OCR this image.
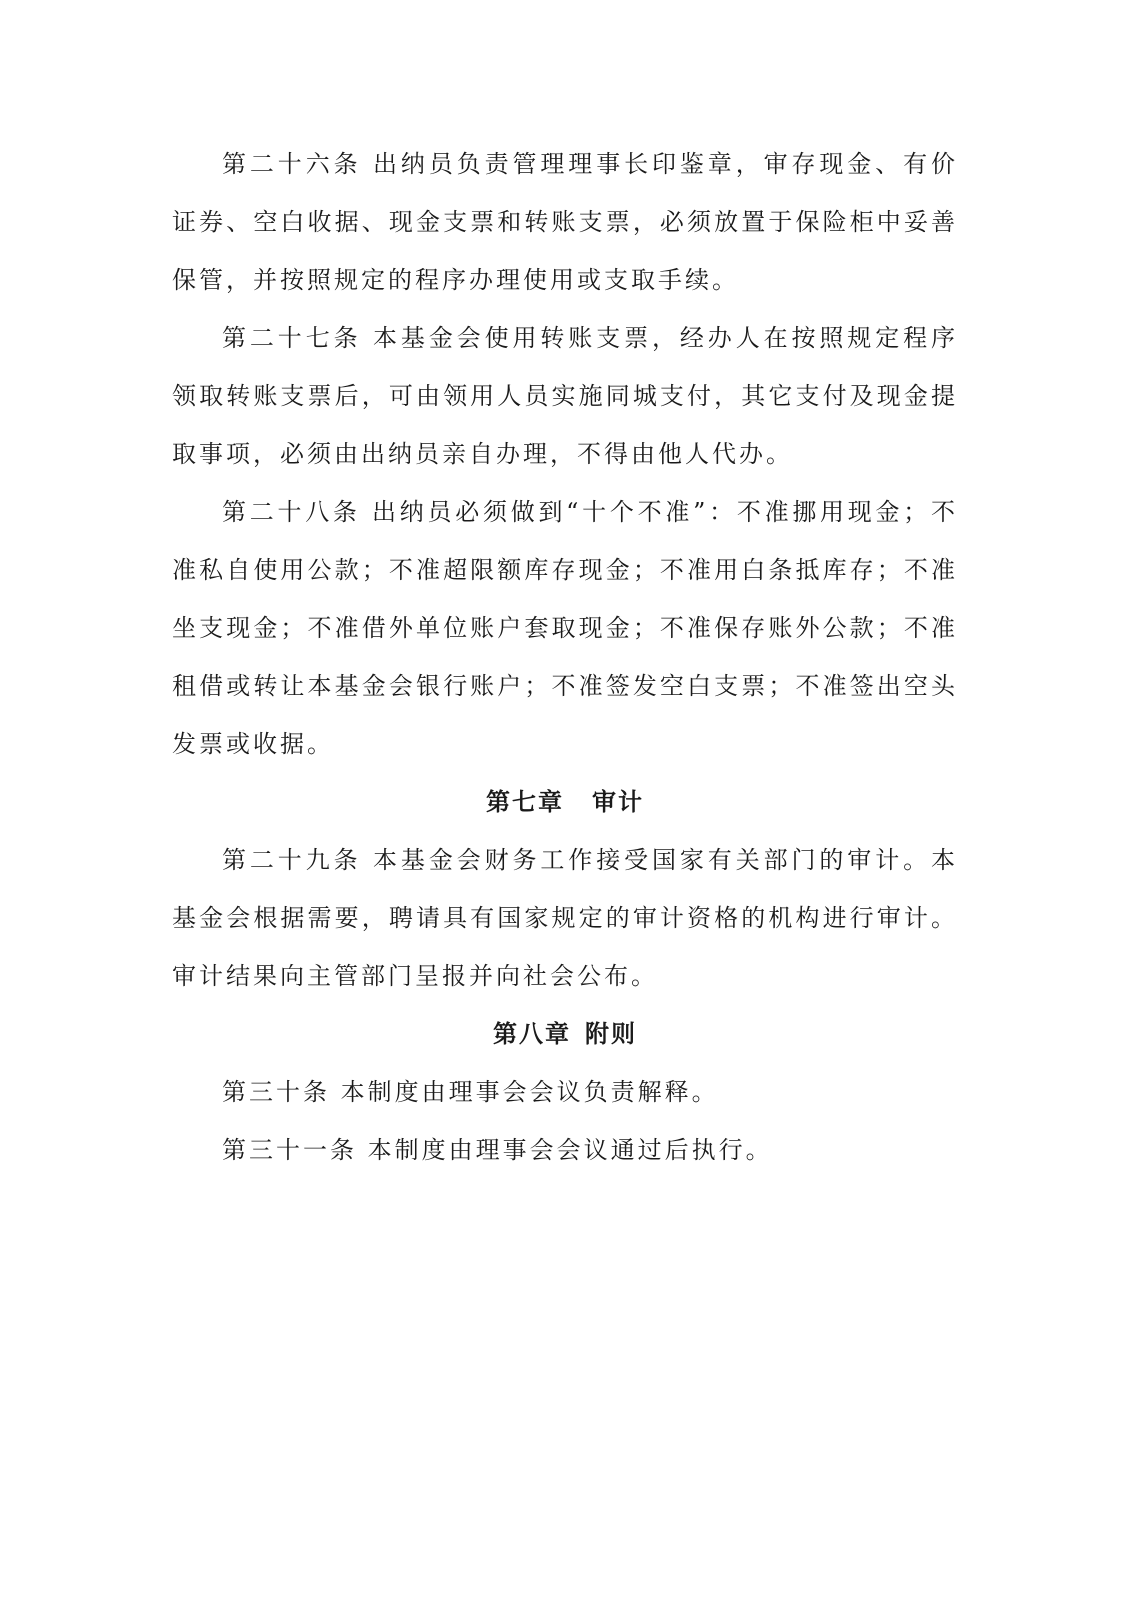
第二十六条 出纳员负责管理理事长印鉴章，审存现金、有价证券、空白收据、现金支票和转账支票，必须放置于保险柜中妥善保管，并按照规定的程序办理使用或支取手续。

第二十七条 本基金会使用转账支票，经办人在按照规定程序领取转账支票后，可由领用人员实施同城支付，其它支付及现金提取事项，必须由出纳员亲自办理，不得由他人代办。

第二十八条 出纳员必须做到“十个不准”：不准挪用现金；不准私自使用公款；不准超限额库存现金；不准用白条抵库存；不准坐支现金；不准借外单位账户套取现金；不准保存账外公款；不准租借或转让本基金会银行账户；不准签发空白支票；不准签出空头发票或收据。

第七章 审计

第二十九条 本基金会财务工作接受国家有关部门的审计。本基金会根据需要，聘请具有国家规定的审计资格的机构进行审计。审计结果向主管部门呈报并向社会公布。

第八章 附则

第三十条 本制度由理事会会议负责解释。

第三十一条 本制度由理事会会议通过后执行。
